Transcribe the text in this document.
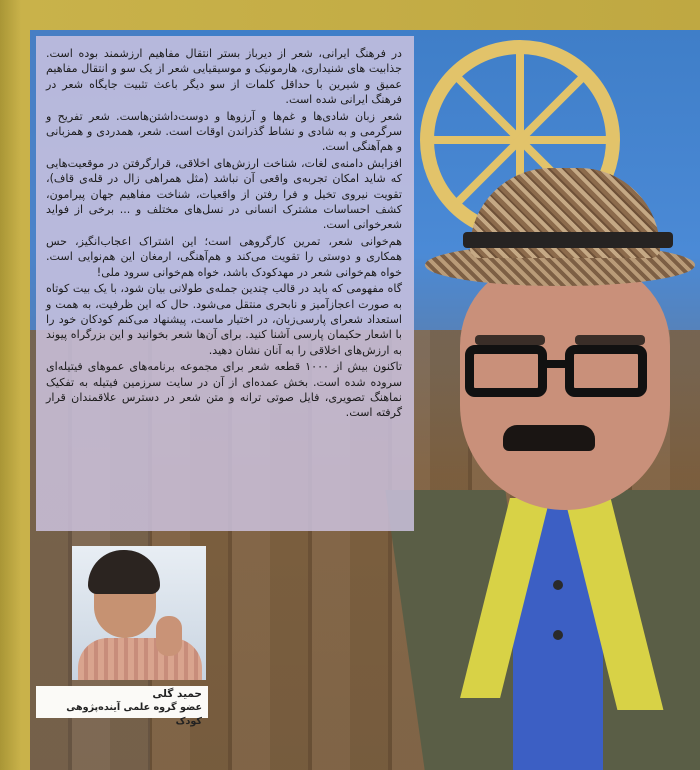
در فرهنگ ایرانی، شعر از دیرباز بستر انتقال مفاهیم ارزشمند بوده است. جذابیت های شنیداری، هارمونیک و موسیقیایی شعر از یک سو و انتقال مفاهیم عمیق و شیرین با حداقل کلمات از سو دیگر باعث تثبیت جایگاه شعر در فرهنگ ایرانی شده است.

شعر زبان شادی‌ها و غم‌ها و آرزوها و دوست‌داشتن‌هاست. شعر تفریح و سرگرمی و به شادی و نشاط گذراندن اوقات است. شعر، همدردی و همزبانی و هم‌آهنگی است.

افزایش دامنه‌ی لغات، شناخت ارزش‌های اخلاقی، قرارگرفتن در موقعیت‌هایی که شاید امکان تجربه‌ی واقعی آن نباشد (مثل همراهی زال در قله‌ی قاف)، تقویت نیروی تخیل و فرا رفتن از واقعیات، شناخت مفاهیم جهان پیرامون، کشف احساسات مشترک انسانی در نسل‌های مختلف و ... برخی از فواید شعرخوانی است.

هم‌خوانی شعر، تمرین کارگروهی است؛ این اشتراک اعجاب‌انگیز، حس همکاری و دوستی را تقویت می‌کند و هم‌آهنگی، ارمغان این هم‌نوایی است. خواه هم‌خوانی شعر در مهدکودک باشد، خواه هم‌خوانی سرود ملی!

گاه مفهومی که باید در قالب چندین جمله‌ی طولانی بیان شود، با یک بیت کوتاه به صورت اعجازآمیز و نابحری منتقل می‌شود. حال که این ظرفیت، به همت و استعداد شعرای پارسی‌زبان، در اختیار ماست، پیشنهاد می‌کنم کودکان خود را با اشعار حکیمان پارسی آشنا کنید. برای آن‌ها شعر بخوانید و این بزرگراه پیوند به ارزش‌های اخلاقی را به آنان نشان دهید.

تاکنون بیش از ۱۰۰۰ قطعه شعر برای مجموعه برنامه‌های عموهای فیتیله‌ای سروده شده است. بخش عمده‌ای از آن در سایت سرزمین فیتیله به تفکیک نماهنگ تصویری، فایل صوتی ترانه و متن شعر در دسترس علاقمندان قرار گرفته است.

حمید گلی
عضو گروه علمی آینده‌پژوهی کودک
